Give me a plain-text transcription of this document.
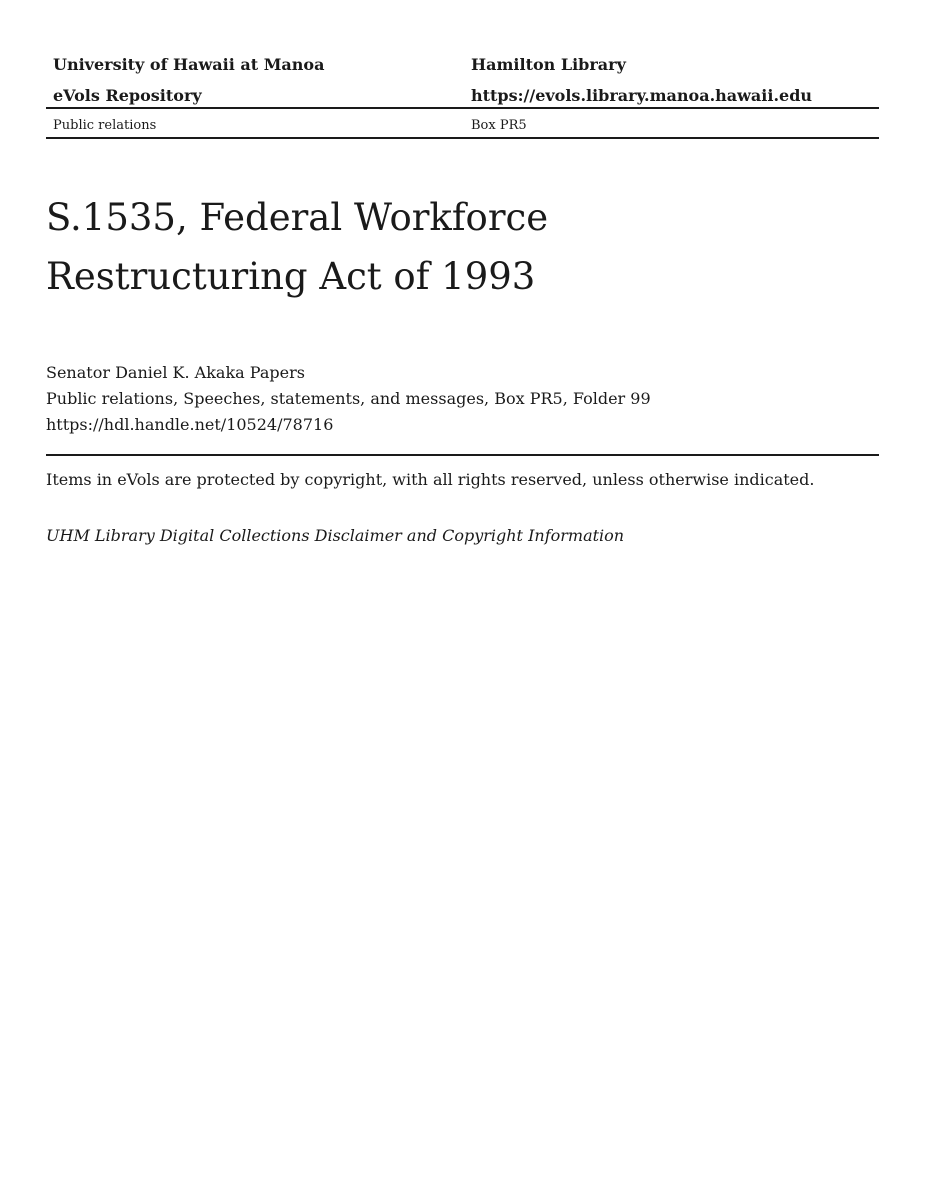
University of Hawaii at Manoa	Hamilton Library
eVols Repository	https://evols.library.manoa.hawaii.edu
Public relations	Box PR5
S.1535, Federal Workforce
Restructuring Act of 1993
Senator Daniel K. Akaka Papers
Public relations, Speeches, statements, and messages, Box PR5, Folder 99
https://hdl.handle.net/10524/78716
Items in eVols are protected by copyright, with all rights reserved, unless otherwise indicated.
UHM Library Digital Collections Disclaimer and Copyright Information
